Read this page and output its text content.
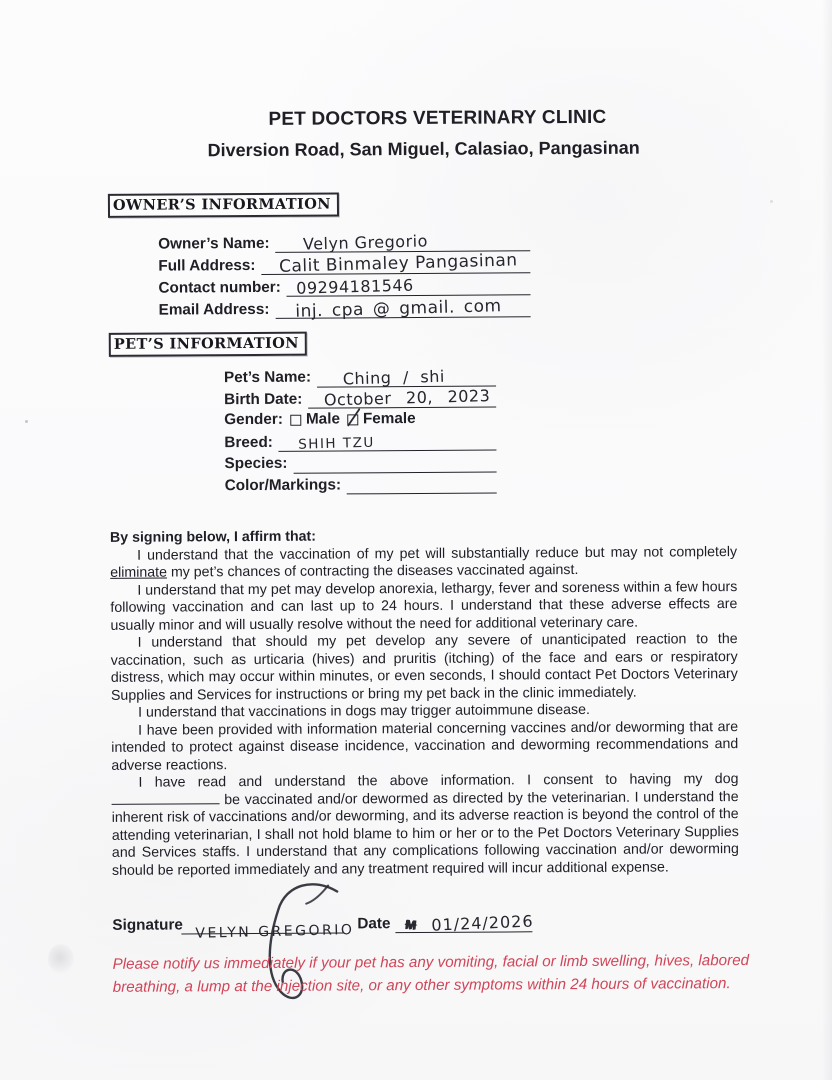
PET DOCTORS VETERINARY CLINIC
Diversion Road, San Miguel, Calasiao, Pangasinan
OWNER’S INFORMATION
Owner’s Name:	Velyn Gregorio
Full Address:	Calit Binmaley Pangasinan
Contact number: 09294181546
Email Address:	inj. cpa @ gmail. com
PET’S INFORMATION
Pet’s Name:	Ching / shi
Birth Date:	October 20, 2023
Gender: Male Female
Breed:	SHIH TZU
Species:
Color/Markings:

By signing below, I affirm that:

I understand that the vaccination of my pet will substantially reduce but may not completely eliminate my pet’s chances of contracting the diseases vaccinated against.

I understand that my pet may develop anorexia, lethargy, fever and soreness within a few hours following vaccination and can last up to 24 hours. I understand that these adverse effects are usually minor and will usually resolve without the need for additional veterinary care.

I understand that should my pet develop any severe of unanticipated reaction to the vaccination, such as urticaria (hives) and pruritis (itching) of the face and ears or respiratory distress, which may occur within minutes, or even seconds, I should contact Pet Doctors Veterinary Supplies and Services for instructions or bring my pet back in the clinic immediately.

I understand that vaccinations in dogs may trigger autoimmune disease.

I have been provided with information material concerning vaccines and/or deworming that are intended to protect against disease incidence, vaccination and deworming recommendations and adverse reactions.

I have read and understand the above information. I consent to having my dog  be vaccinated and/or dewormed as directed by the veterinarian. I understand the inherent risk of vaccinations and/or deworming, and its adverse reaction is beyond the control of the attending veterinarian, I shall not hold blame to him or her or to the Pet Doctors Veterinary Supplies and Services staffs. I understand that any complications following vaccination and/or deworming should be reported immediately and any treatment required will incur additional expense.

Signature VELYN GREGORIO Date M 01/24/2026
Please notify us immediately if your pet has any vomiting, facial or limb swelling, hives, labored breathing, a lump at the injection site, or any other symptoms within 24 hours of vaccination.
